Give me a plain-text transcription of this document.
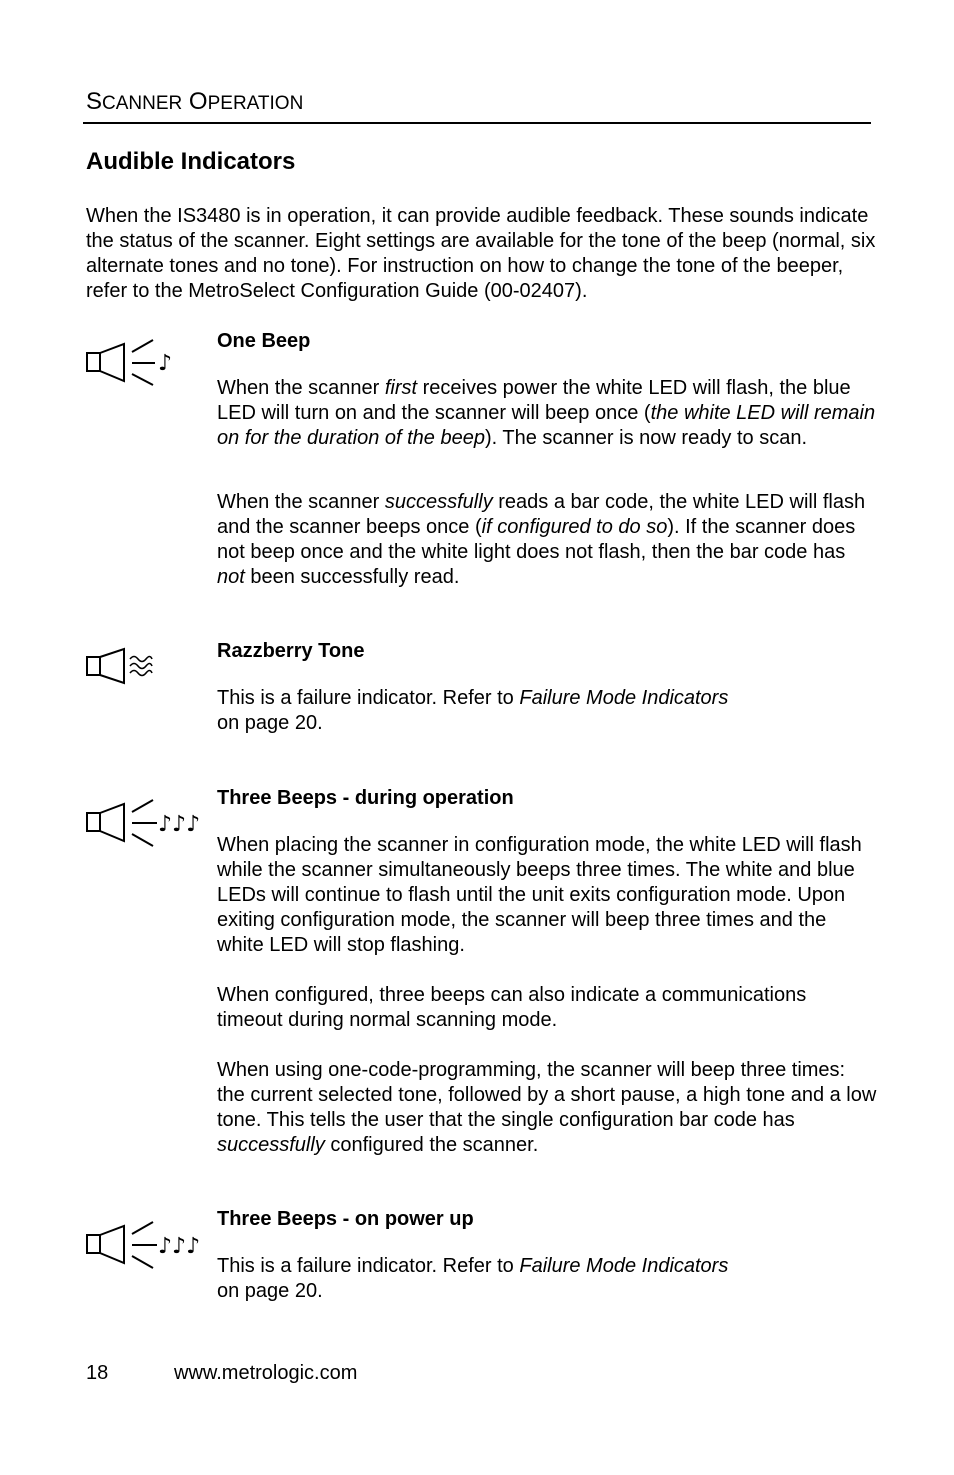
SCANNER OPERATION
Audible Indicators

When the IS3480 is in operation, it can provide audible feedback. These sounds indicate the status of the scanner. Eight settings are available for the tone of the beep (normal, six alternate tones and no tone). For instruction on how to change the tone of the beeper, refer to the MetroSelect Configuration Guide (00-02407).

♪
One Beep

When the scanner first receives power the white LED will flash, the blue LED will turn on and the scanner will beep once (the white LED will remain on for the duration of the beep). The scanner is now ready to scan.

When the scanner successfully reads a bar code, the white LED will flash and the scanner beeps once (if configured to do so). If the scanner does not beep once and the white light does not flash, then the bar code has not been successfully read.

Razzberry Tone

This is a failure indicator. Refer to Failure Mode Indicators
on page 20.

♪♪♪
Three Beeps - during operation

When placing the scanner in configuration mode, the white LED will flash while the scanner simultaneously beeps three times. The white and blue LEDs will continue to flash until the unit exits configuration mode. Upon exiting configuration mode, the scanner will beep three times and the white LED will stop flashing.

When configured, three beeps can also indicate a communications timeout during normal scanning mode.

When using one-code-programming, the scanner will beep three times: the current selected tone, followed by a short pause, a high tone and a low tone. This tells the user that the single configuration bar code has successfully configured the scanner.

♪♪♪
Three Beeps - on power up

This is a failure indicator. Refer to Failure Mode Indicators
on page 20.

18	www.metrologic.com
